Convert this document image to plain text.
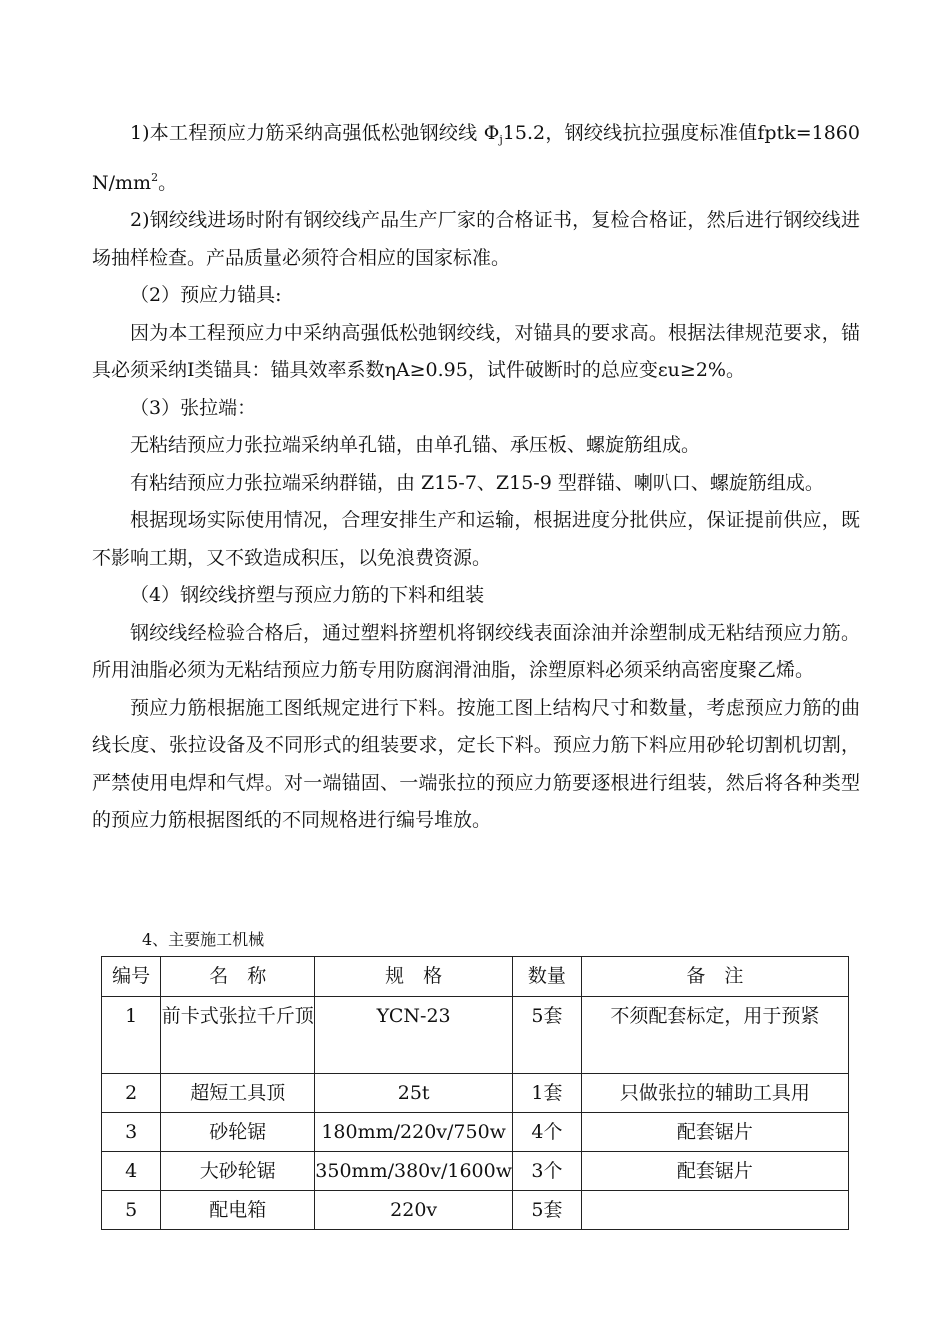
1)本工程预应力筋采纳高强低松弛钢绞线 $\Phi_j15.2$，钢绞线抗拉强度标准值fptk=1860 $N/mm^2$。

2)钢绞线进场时附有钢绞线产品生产厂家的合格证书，复检合格证，然后进行钢绞线进场抽样检查。产品质量必须符合相应的国家标准。

（2）预应力锚具:

因为本工程预应力中采纳高强低松弛钢绞线，对锚具的要求高。根据法律规范要求，锚具必须采纳Ⅰ类锚具：锚具效率系数ηA≥0.95，试件破断时的总应变εu≥2%。

（3）张拉端：

无粘结预应力张拉端采纳单孔锚，由单孔锚、承压板、螺旋筋组成。

有粘结预应力张拉端采纳群锚，由 Z15-7、Z15-9 型群锚、喇叭口、螺旋筋组成。

根据现场实际使用情况，合理安排生产和运输，根据进度分批供应，保证提前供应，既不影响工期，又不致造成积压，以免浪费资源。

（4）钢绞线挤塑与预应力筋的下料和组装

钢绞线经检验合格后，通过塑料挤塑机将钢绞线表面涂油并涂塑制成无粘结预应力筋。所用油脂必须为无粘结预应力筋专用防腐润滑油脂，涂塑原料必须采纳高密度聚乙烯。

预应力筋根据施工图纸规定进行下料。按施工图上结构尺寸和数量，考虑预应力筋的曲线长度、张拉设备及不同形式的组装要求，定长下料。预应力筋下料应用砂轮切割机切割，严禁使用电焊和气焊。对一端锚固、一端张拉的预应力筋要逐根进行组装，然后将各种类型的预应力筋根据图纸的不同规格进行编号堆放。

4、主要施工机械
编号	名　称	规　格	数量	备　注
1	前卡式张拉千斤顶	YCN-23	5套	不须配套标定，用于预紧
2	超短工具顶	25t	1套	只做张拉的辅助工具用
3	砂轮锯	180mm/220v/750w	4个	配套锯片
4	大砂轮锯	350mm/380v/1600w	3个	配套锯片
5	配电箱	220v	5套	
